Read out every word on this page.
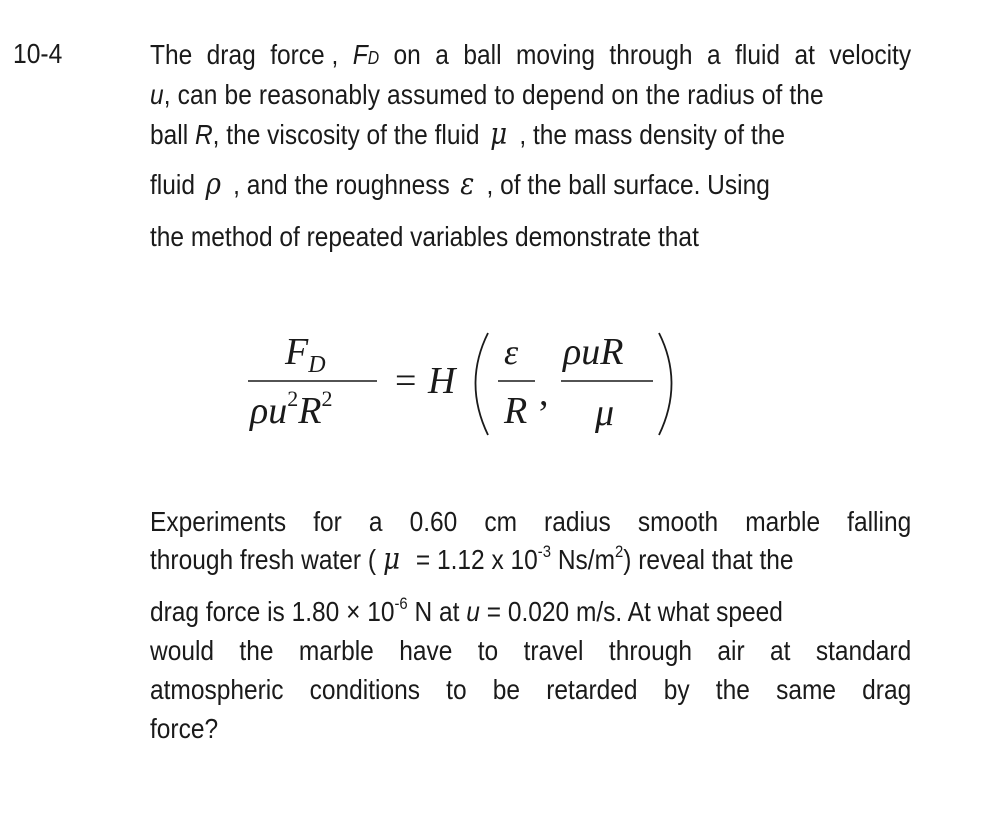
10-4	The drag force , FD on a ball moving through a fluid at velocity
u, can be reasonably assumed to depend on the radius of the
ball R, the viscosity of the fluid μ , the mass density of the
fluid ρ , and the roughness ε , of the ball surface. Using
the method of repeated variables demonstrate that
$F_D$
$\rho u^2R^2 = H$
ε
R ,
ρuR
μ
Experiments for a 0.60 cm radius smooth marble falling
through fresh water ( μ = 1.12 x $10^{-3}$ $Ns/m^2$) reveal that the
drag force is $1.80 \times 10^{-6}$ N at u = 0.020 m/s. At what speed
would the marble have to travel through air at standard
atmospheric conditions to be retarded by the same drag
force?
